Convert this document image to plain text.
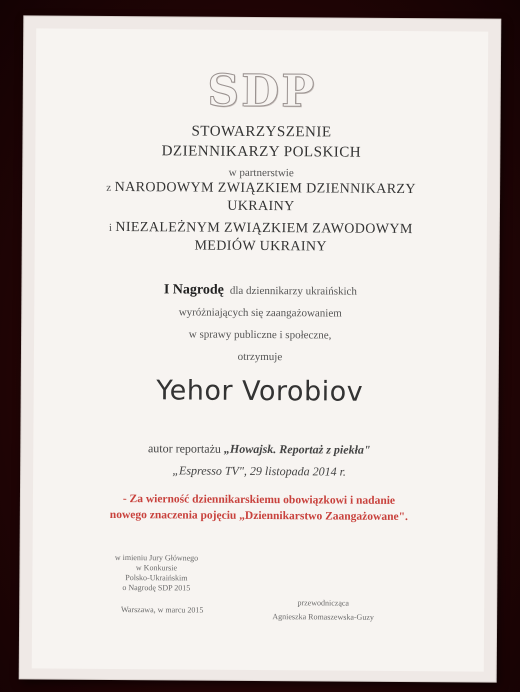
SDP
STOWARZYSZENIE
DZIENNIKARZY POLSKICH
w partnerstwie
z NARODOWYM ZWIĄZKIEM DZIENNIKARZY
UKRAINY
i NIEZALEŻNYM ZWIĄZKIEM ZAWODOWYM
MEDIÓW UKRAINY
I Nagrodę dla dziennikarzy ukraińskich
wyróżniających się zaangażowaniem
w sprawy publiczne i społeczne,
otrzymuje
Yehor Vorobiov
autor reportażu „Howajsk. Reportaż z piekła"
„Espresso TV", 29 listopada 2014 r.
- Za wierność dziennikarskiemu obowiązkowi i nadanie
nowego znaczenia pojęciu „Dziennikarstwo Zaangażowane".
w imieniu Jury Głównego
w Konkursie
Polsko-Ukraińskim
o Nagrodę SDP 2015
Warszawa, w marcu 2015
przewodnicząca
Agnieszka Romaszewska-Guzy
